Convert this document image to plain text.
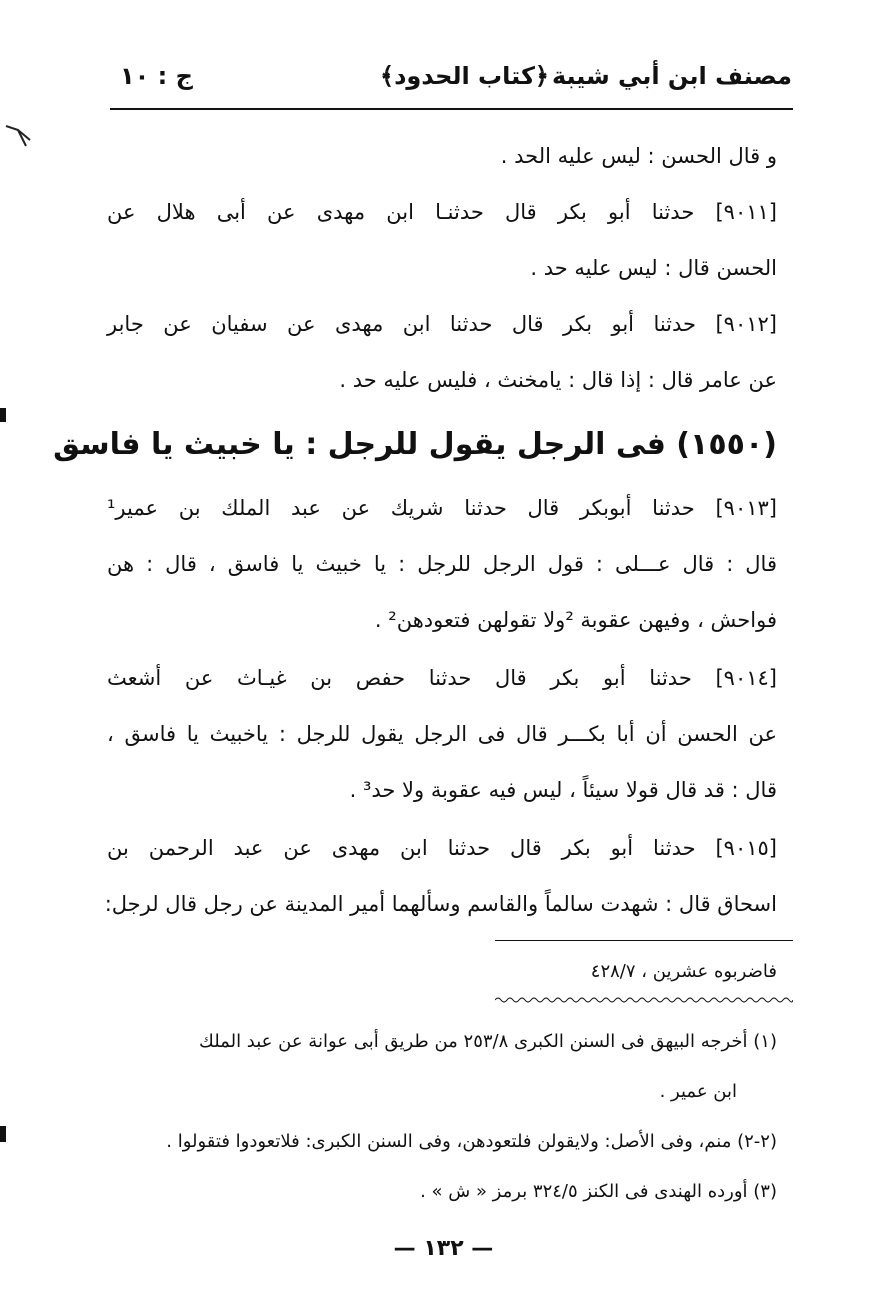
مصنف ابن أبي شيبة
﴿كتاب الحدود﴾
ج : ١٠
و قال الحسن : ليس عليه الحد .
[٩٠١١] حدثنا أبو بكر قال حدثنـا ابن مهدى عن أبى هلال عن
الحسن قال : ليس عليه حد .
[٩٠١٢] حدثنا أبو بكر قال حدثنا ابن مهدى عن سفيان عن جابر
عن عامر قال : إذا قال : يامخنث ، فليس عليه حد .
(١٥٥٠) فى الرجل يقول للرجل : يا خبيث يا فاسق
[٩٠١٣] حدثنا أبوبكر قال حدثنا شريك عن عبد الملك بن عمير¹
قال : قال عـــلى : قول الرجل للرجل : يا خبيث يا فاسق ، قال : هن
فواحش ، وفيهن عقوبة ²ولا تقولهن فتعودهن² .
[٩٠١٤] حدثنا أبو بكر قال حدثنا حفص بن غيـاث عن أشعث
عن الحسن أن أبا بكـــر قال فى الرجل يقول للرجل : ياخبيث يا فاسق ،
قال : قد قال قولا سيئاً ، ليس فيه عقوبة ولا حد³ .
[٩٠١٥] حدثنا أبو بكر قال حدثنا ابن مهدى عن عبد الرحمن بن
اسحاق قال : شهدت سالماً والقاسم وسألهما أمير المدينة عن رجل قال لرجل:
فاضربوه عشرين ، ٤٢٨/٧
(١) أخرجه البيهق فى السنن الكبرى ٢٥٣/٨ من طريق أبى عوانة عن عبد الملك
ابن عمير .
(٢-٢) منم، وفى الأصل: ولايقولن فلتعودهن، وفى السنن الكبرى: فلاتعودوا فتقولوا .
(٣) أورده الهندى فى الكنز ٣٢٤/٥ برمز « ش » .
— ١٣٢ —
